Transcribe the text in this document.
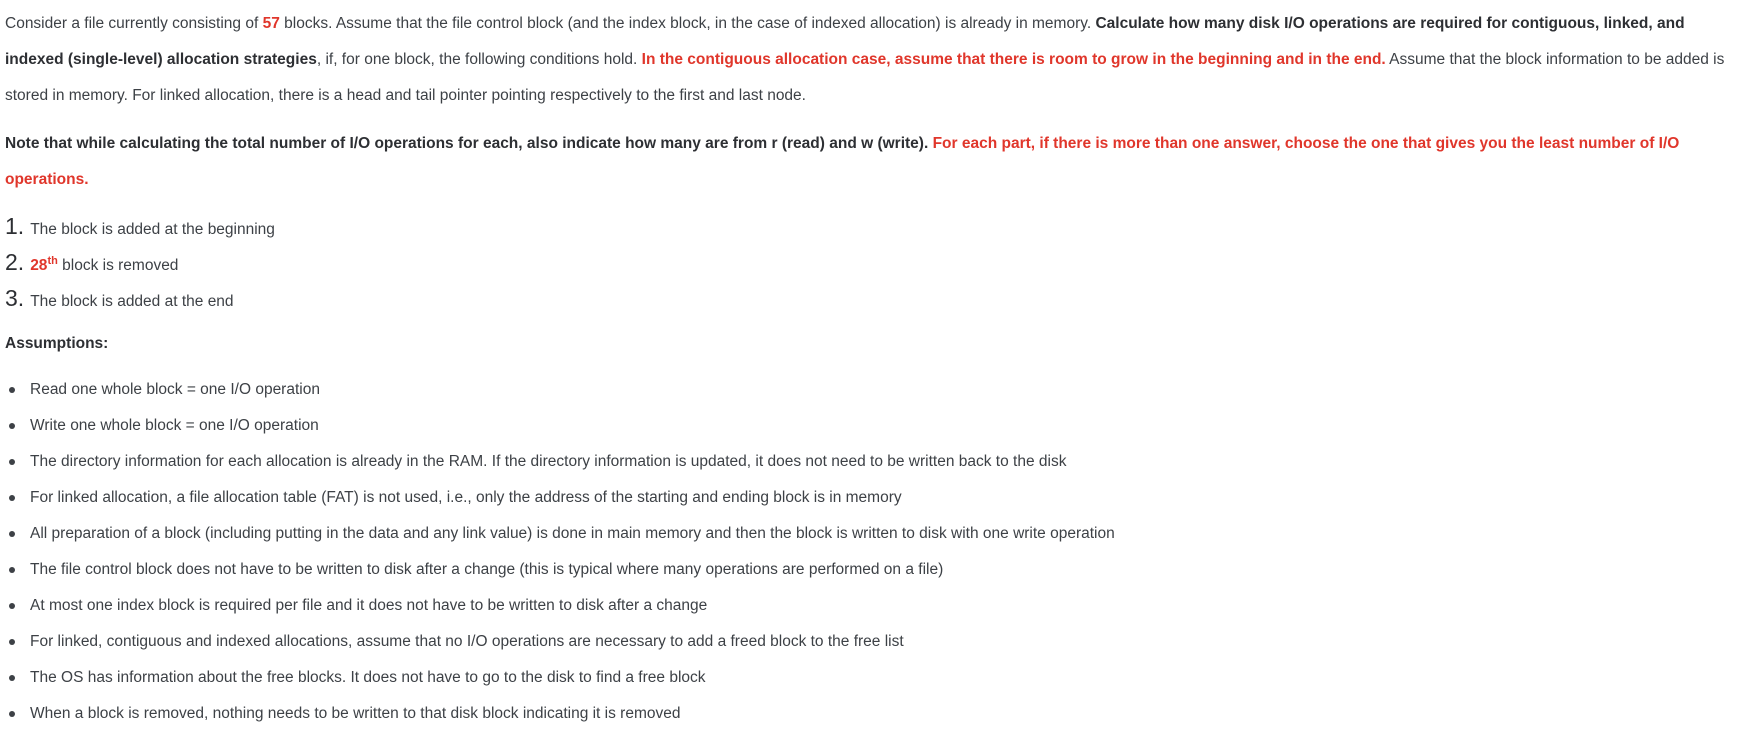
Consider a file currently consisting of 57 blocks. Assume that the file control block (and the index block, in the case of indexed allocation) is already in memory. Calculate how many disk I/O operations are required for contiguous, linked, and indexed (single-level) allocation strategies, if, for one block, the following conditions hold. In the contiguous allocation case, assume that there is room to grow in the beginning and in the end. Assume that the block information to be added is stored in memory. For linked allocation, there is a head and tail pointer pointing respectively to the first and last node.

Note that while calculating the total number of I/O operations for each, also indicate how many are from r (read) and w (write). For each part, if there is more than one answer, choose the one that gives you the least number of I/O operations.

1. The block is added at the beginning
2. 28th block is removed
3. The block is added at the end

Assumptions:

Read one whole block = one I/O operation
Write one whole block = one I/O operation
The directory information for each allocation is already in the RAM. If the directory information is updated, it does not need to be written back to the disk
For linked allocation, a file allocation table (FAT) is not used, i.e., only the address of the starting and ending block is in memory
All preparation of a block (including putting in the data and any link value) is done in main memory and then the block is written to disk with one write operation
The file control block does not have to be written to disk after a change (this is typical where many operations are performed on a file)
At most one index block is required per file and it does not have to be written to disk after a change
For linked, contiguous and indexed allocations, assume that no I/O operations are necessary to add a freed block to the free list
The OS has information about the free blocks. It does not have to go to the disk to find a free block
When a block is removed, nothing needs to be written to that disk block indicating it is removed
